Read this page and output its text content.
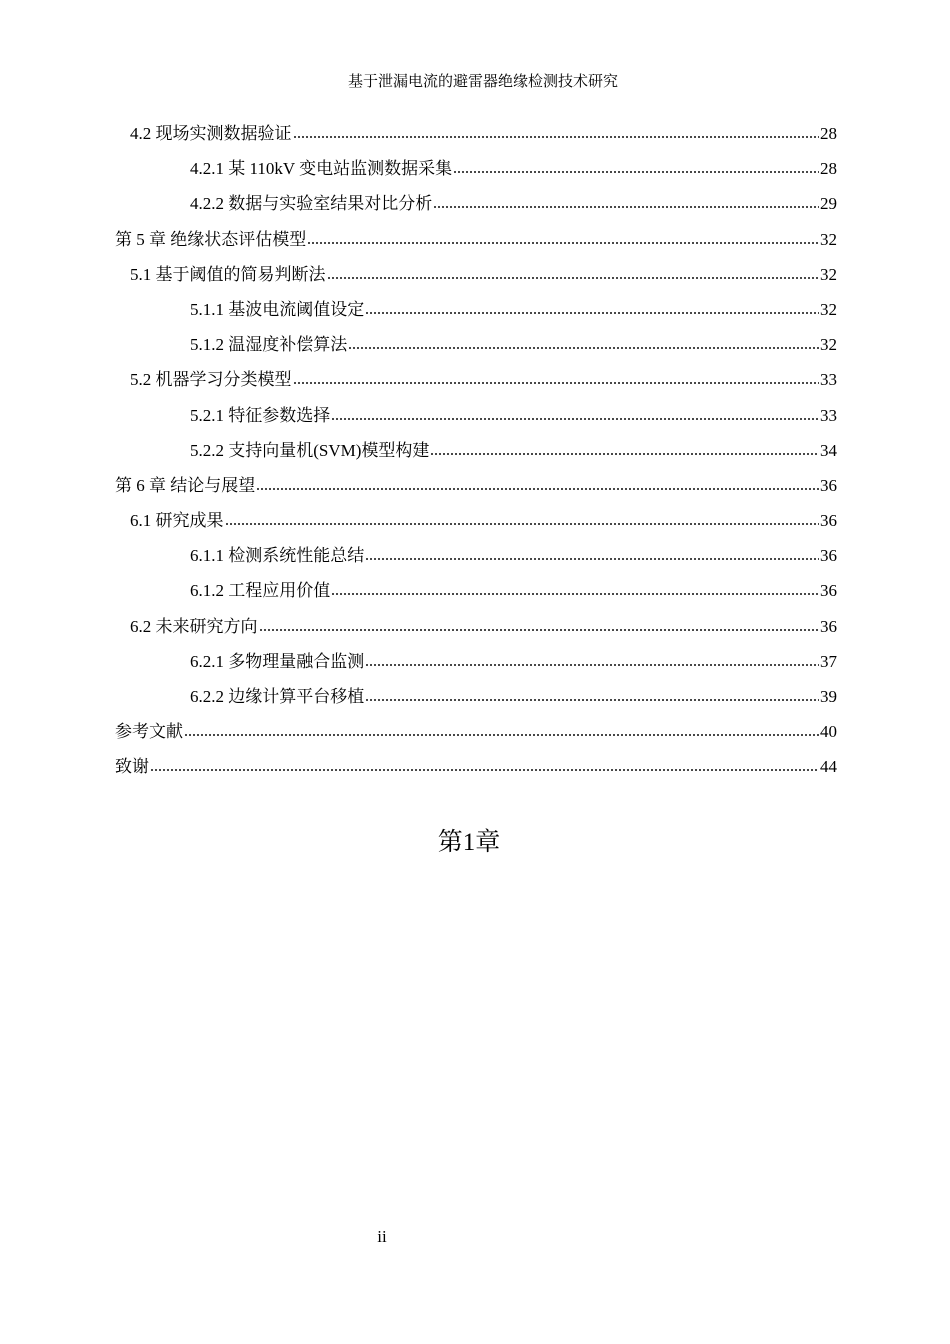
基于泄漏电流的避雷器绝缘检测技术研究
4.2 现场实测数据验证	28
4.2.1 某 110kV 变电站监测数据采集	28
4.2.2 数据与实验室结果对比分析	29
第 5 章 绝缘状态评估模型	32
5.1 基于阈值的简易判断法	32
5.1.1 基波电流阈值设定	32
5.1.2 温湿度补偿算法	32
5.2 机器学习分类模型	33
5.2.1 特征参数选择	33
5.2.2 支持向量机(SVM)模型构建	34
第 6 章 结论与展望	36
6.1 研究成果	36
6.1.1 检测系统性能总结	36
6.1.2 工程应用价值	36
6.2 未来研究方向	36
6.2.1 多物理量融合监测	37
6.2.2 边缘计算平台移植	39
参考文献	40
致谢	44
第1章
ii
